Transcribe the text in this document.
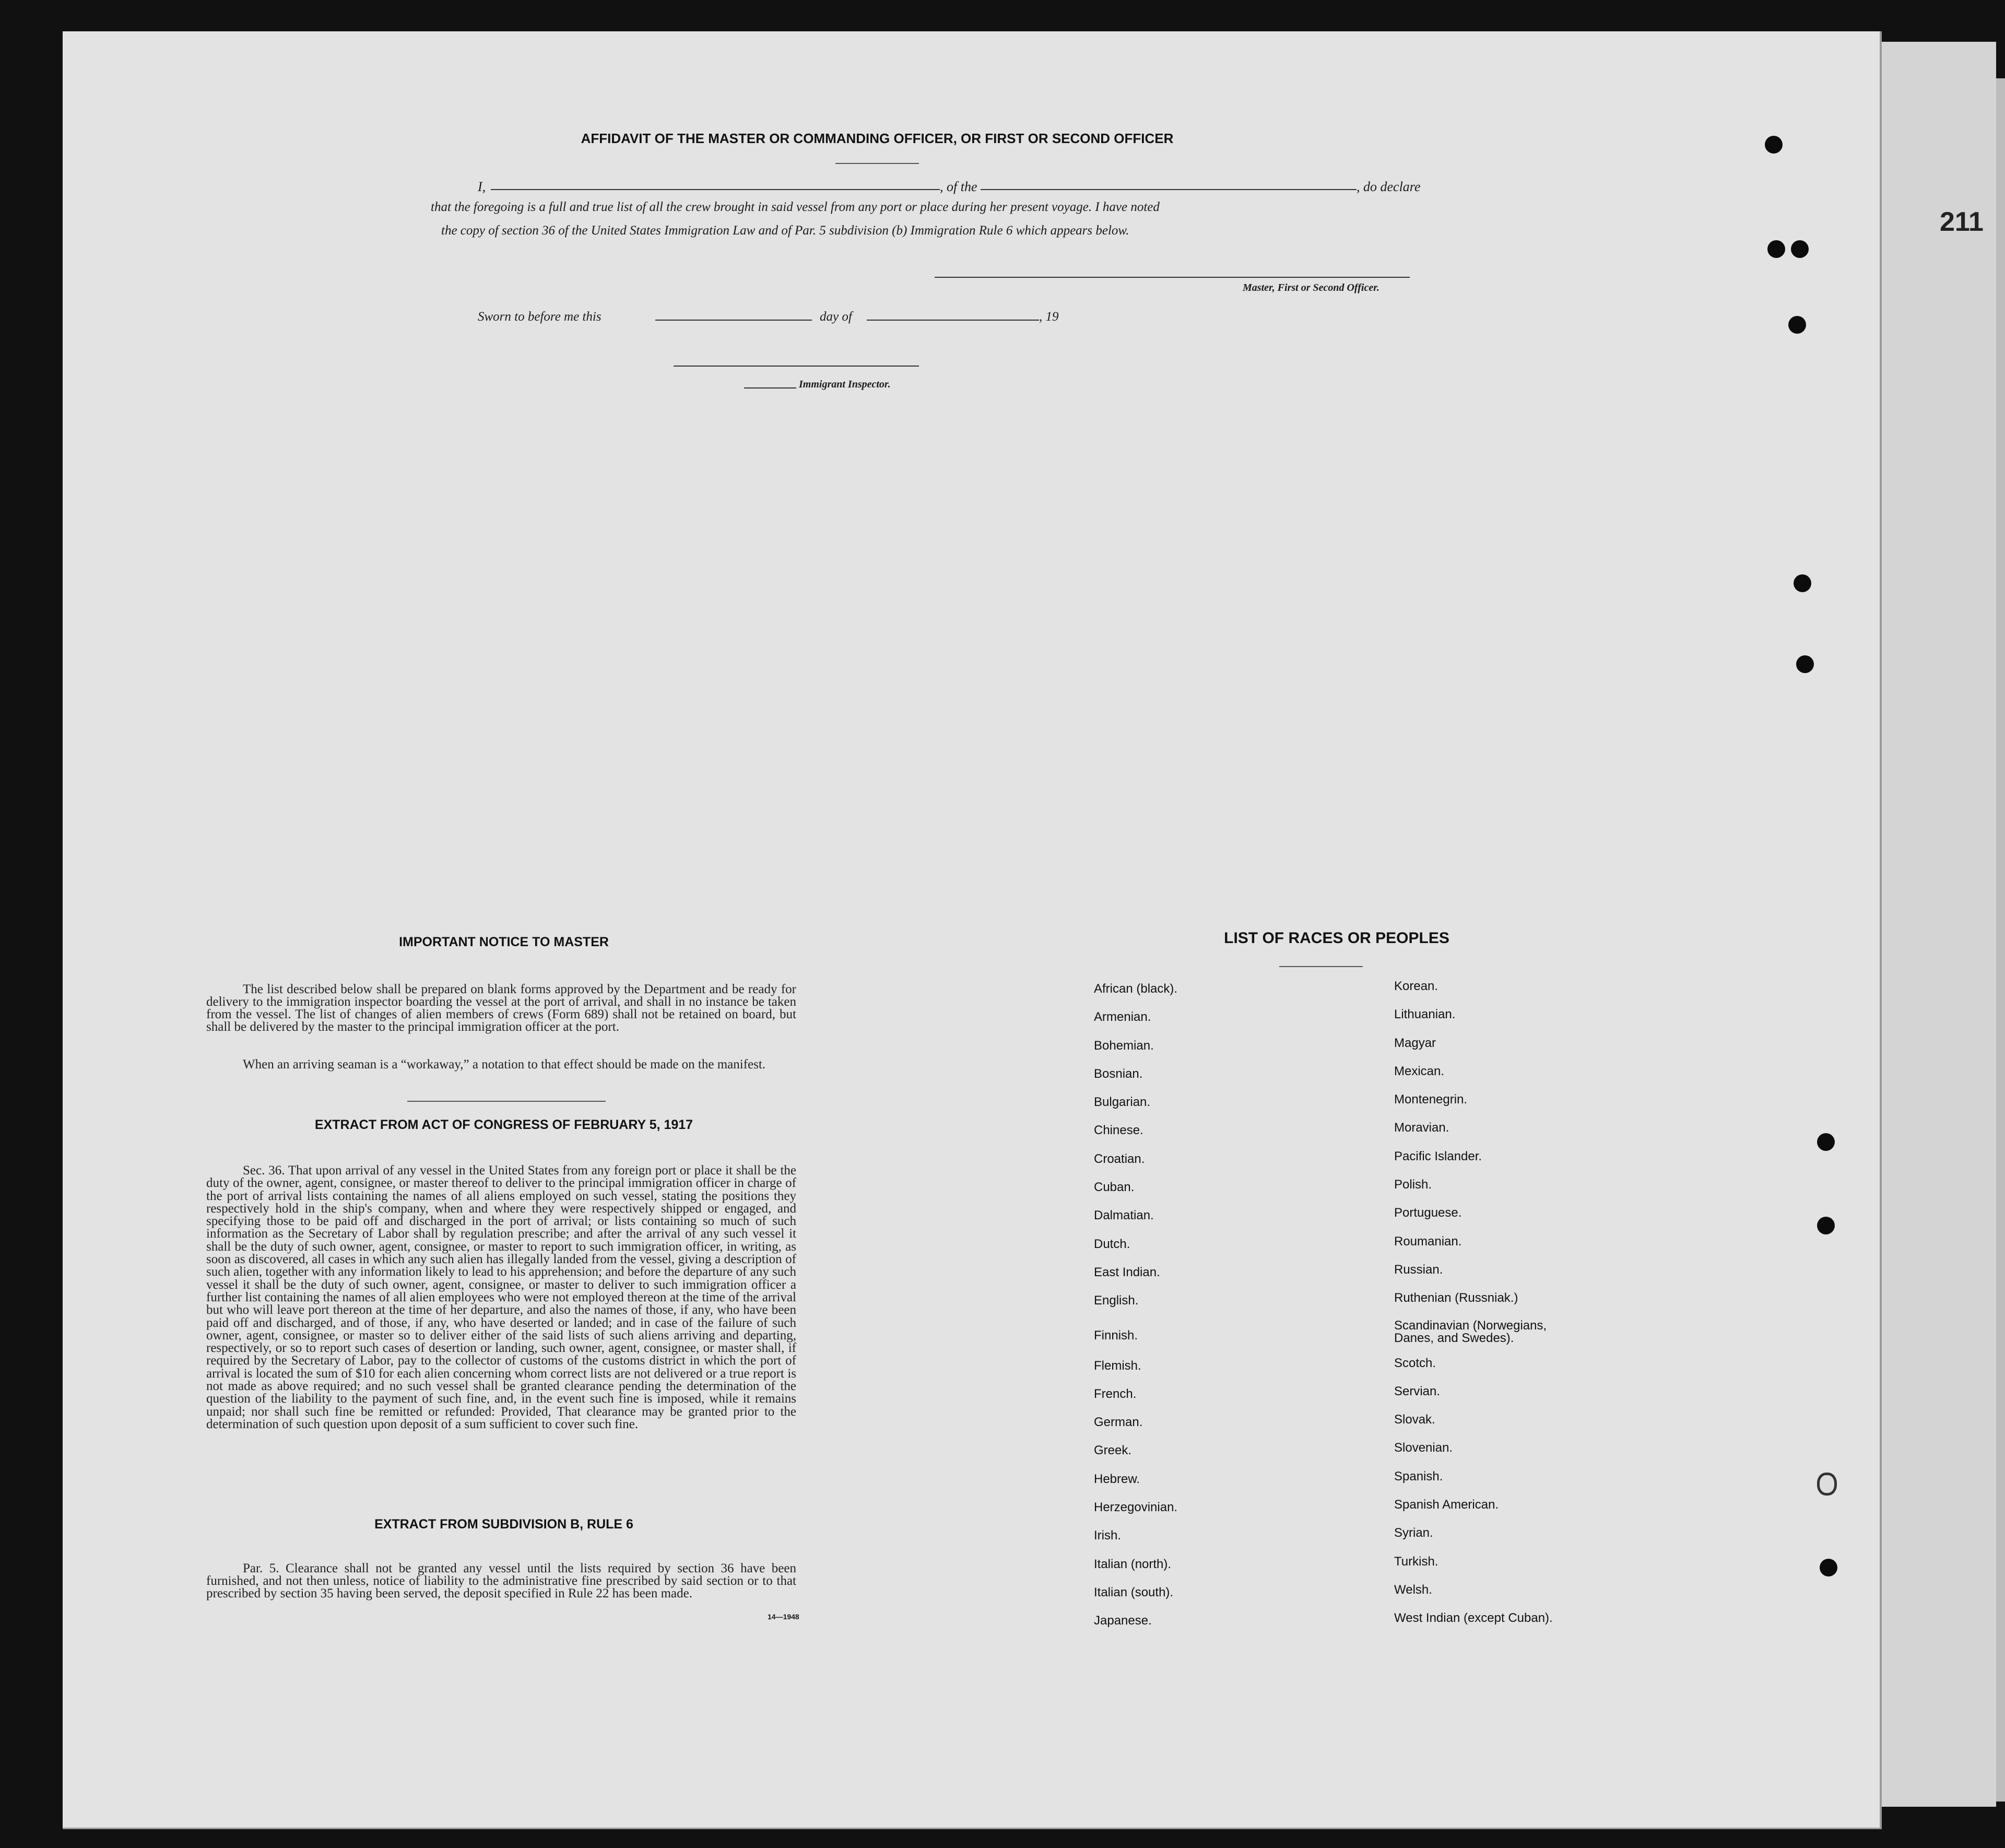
211
AFFIDAVIT OF THE MASTER OR COMMANDING OFFICER, OR FIRST OR SECOND OFFICER
I,	, of the	, do declare
that the foregoing is a full and true list of all the crew brought in said vessel from any port or place during her present voyage. I have noted
the copy of section 36 of the United States Immigration Law and of Par. 5 subdivision (b) Immigration Rule 6 which appears below.
Master, First or Second Officer.
Sworn to before me this	day of	, 19
Immigrant Inspector.
IMPORTANT NOTICE TO MASTER
The list described below shall be prepared on blank forms approved by the Department and be ready for delivery to the immigration inspector boarding the vessel at the port of arrival, and shall in no instance be taken from the vessel. The list of changes of alien members of crews (Form 689) shall not be retained on board, but shall be delivered by the master to the principal immigration officer at the port.
When an arriving seaman is a “workaway,” a notation to that effect should be made on the manifest.
EXTRACT FROM ACT OF CONGRESS OF FEBRUARY 5, 1917
Sec. 36. That upon arrival of any vessel in the United States from any foreign port or place it shall be the duty of the owner, agent, consignee, or master thereof to deliver to the principal immigration officer in charge of the port of arrival lists containing the names of all aliens employed on such vessel, stating the positions they respectively hold in the ship's company, when and where they were respectively shipped or engaged, and specifying those to be paid off and discharged in the port of arrival; or lists containing so much of such information as the Secretary of Labor shall by regulation prescribe; and after the arrival of any such vessel it shall be the duty of such owner, agent, consignee, or master to report to such immigration officer, in writing, as soon as discovered, all cases in which any such alien has illegally landed from the vessel, giving a description of such alien, together with any information likely to lead to his apprehension; and before the departure of any such vessel it shall be the duty of such owner, agent, consignee, or master to deliver to such immigration officer a further list containing the names of all alien employees who were not employed thereon at the time of the arrival but who will leave port thereon at the time of her departure, and also the names of those, if any, who have been paid off and discharged, and of those, if any, who have deserted or landed; and in case of the failure of such owner, agent, consignee, or master so to deliver either of the said lists of such aliens arriving and departing, respectively, or so to report such cases of desertion or landing, such owner, agent, consignee, or master shall, if required by the Secretary of Labor, pay to the collector of customs of the customs district in which the port of arrival is located the sum of $10 for each alien concerning whom correct lists are not delivered or a true report is not made as above required; and no such vessel shall be granted clearance pending the determination of the question of the liability to the payment of such fine, and, in the event such fine is imposed, while it remains unpaid; nor shall such fine be remitted or refunded: Provided, That clearance may be granted prior to the determination of such question upon deposit of a sum sufficient to cover such fine.
EXTRACT FROM SUBDIVISION B, RULE 6
Par. 5. Clearance shall not be granted any vessel until the lists required by section 36 have been furnished, and not then unless, notice of liability to the administrative fine prescribed by said section or to that prescribed by section 35 having been served, the deposit specified in Rule 22 has been made.
14—1948
LIST OF RACES OR PEOPLES
African (black).
Armenian.
Bohemian.
Bosnian.
Bulgarian.
Chinese.
Croatian.
Cuban.
Dalmatian.
Dutch.
East Indian.
English.
Finnish.
Flemish.
French.
German.
Greek.
Hebrew.
Herzegovinian.
Irish.
Italian (north).
Italian (south).
Japanese.
Korean.
Lithuanian.
Magyar
Mexican.
Montenegrin.
Moravian.
Pacific Islander.
Polish.
Portuguese.
Roumanian.
Russian.
Ruthenian (Russniak.)
Scandinavian (Norwegians, Danes, and Swedes).
Scotch.
Servian.
Slovak.
Slovenian.
Spanish.
Spanish American.
Syrian.
Turkish.
Welsh.
West Indian (except Cuban).
